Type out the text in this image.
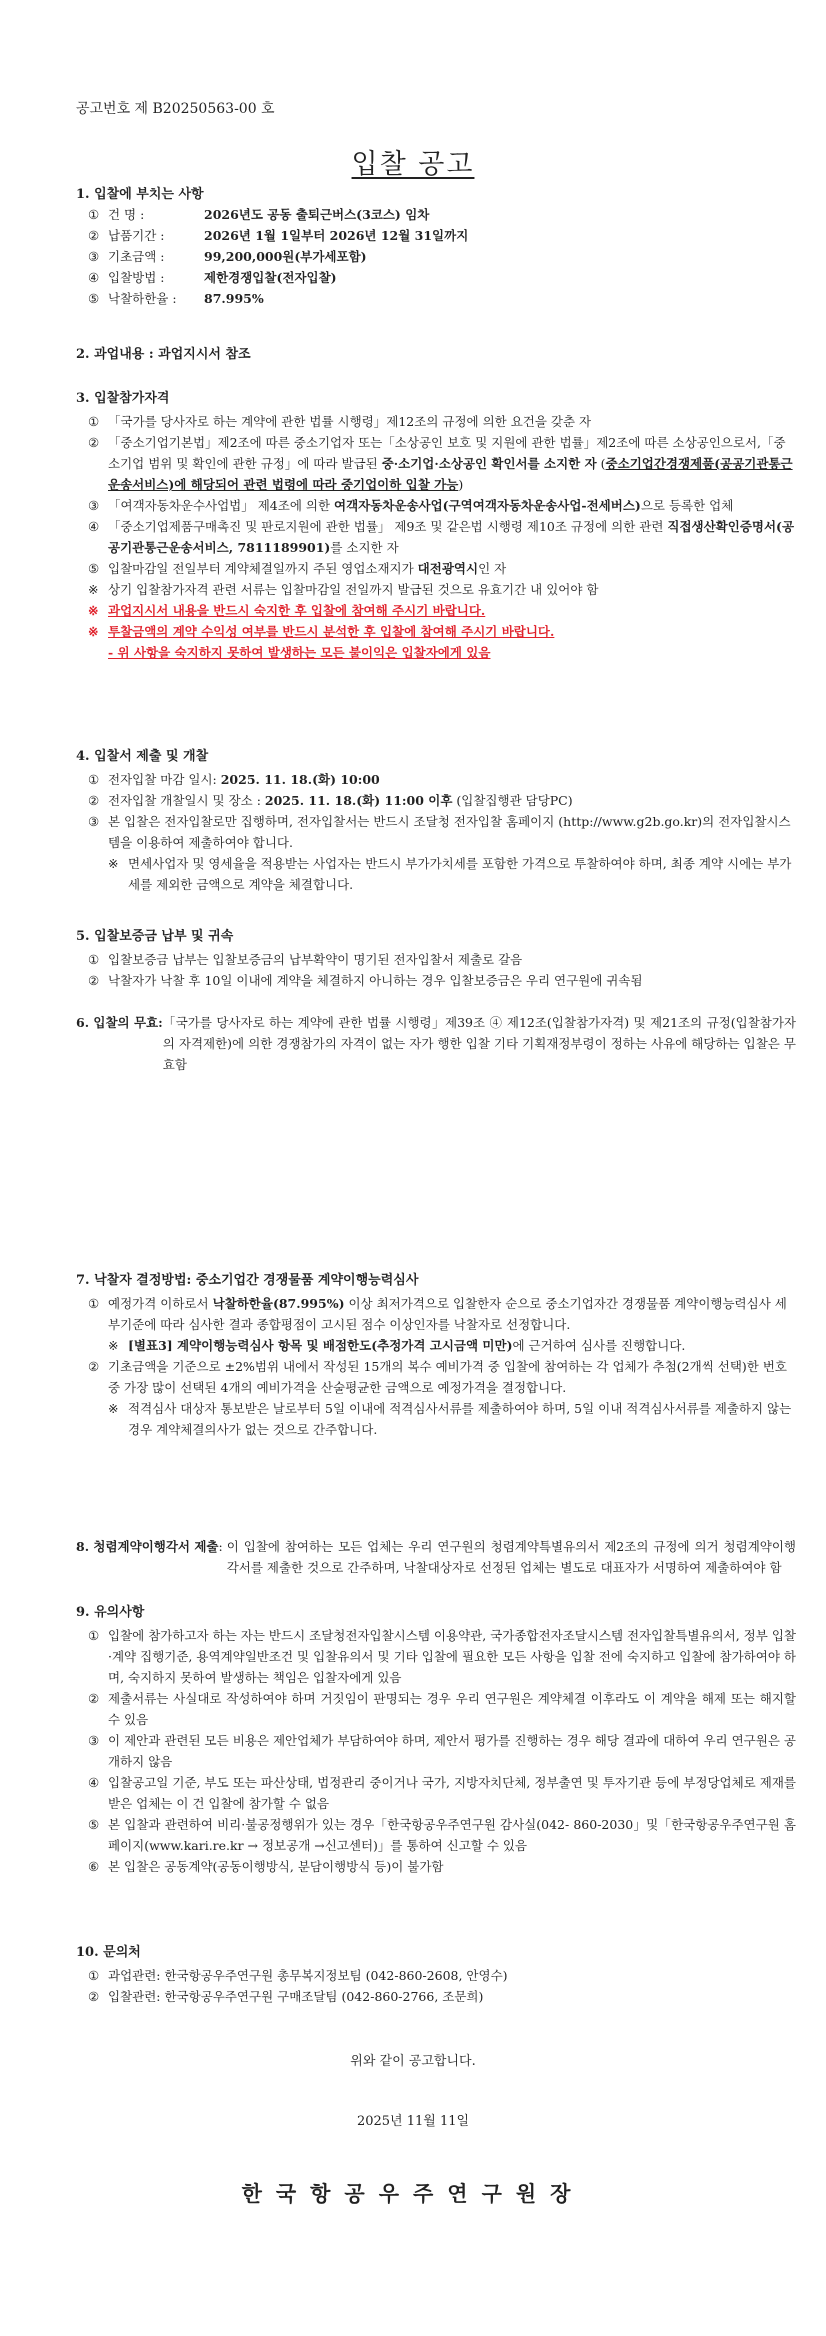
공고번호 제 B20250563-00 호
입찰 공고
1. 입찰에 부치는 사항
① 건 명 :	2026년도 공동 출퇴근버스(3코스) 임차
② 납품기간 :	2026년 1월 1일부터 2026년 12월 31일까지
③ 기초금액 :	99,200,000원(부가세포함)
④ 입찰방법 :	제한경쟁입찰(전자입찰)
⑤ 낙찰하한율 :	87.995%
2. 과업내용 : 과업지시서 참조
3. 입찰참가자격
① 「국가를 당사자로 하는 계약에 관한 법률 시행령」제12조의 규정에 의한 요건을 갖춘 자
② 「중소기업기본법」제2조에 따른 중소기업자 또는「소상공인 보호 및 지원에 관한 법률」제2조에 따른 소상공인으로서,「중소기업 범위 및 확인에 관한 규정」에 따라 발급된 중·소기업·소상공인 확인서를 소지한 자 (중소기업간경쟁제품(공공기관통근운송서비스)에 해당되어 관련 법령에 따라 중기업이하 입찰 가능)
③ 「여객자동차운수사업법」 제4조에 의한 여객자동차운송사업(구역여객자동차운송사업-전세버스)으로 등록한 업체
④ 「중소기업제품구매촉진 및 판로지원에 관한 법률」 제9조 및 같은법 시행령 제10조 규정에 의한 관련 직접생산확인증명서(공공기관통근운송서비스, 7811189901)를 소지한 자
⑤ 입찰마감일 전일부터 계약체결일까지 주된 영업소재지가 대전광역시인 자
※ 상기 입찰참가자격 관련 서류는 입찰마감일 전일까지 발급된 것으로 유효기간 내 있어야 함
※ 과업지시서 내용을 반드시 숙지한 후 입찰에 참여해 주시기 바랍니다.
※ 투찰금액의 계약 수익성 여부를 반드시 분석한 후 입찰에 참여해 주시기 바랍니다.
- 위 사항을 숙지하지 못하여 발생하는 모든 불이익은 입찰자에게 있음
4. 입찰서 제출 및 개찰
① 전자입찰 마감 일시: 2025. 11. 18.(화) 10:00
② 전자입찰 개찰일시 및 장소 : 2025. 11. 18.(화) 11:00 이후 (입찰집행관 담당PC)
③ 본 입찰은 전자입찰로만 집행하며, 전자입찰서는 반드시 조달청 전자입찰 홈페이지 (http://www.g2b.go.kr)의 전자입찰시스템을 이용하여 제출하여야 합니다.
※ 면세사업자 및 영세율을 적용받는 사업자는 반드시 부가가치세를 포함한 가격으로 투찰하여야 하며, 최종 계약 시에는 부가세를 제외한 금액으로 계약을 체결합니다.
5. 입찰보증금 납부 및 귀속
① 입찰보증금 납부는 입찰보증금의 납부확약이 명기된 전자입찰서 제출로 갈음
② 낙찰자가 낙찰 후 10일 이내에 계약을 체결하지 아니하는 경우 입찰보증금은 우리 연구원에 귀속됨
6. 입찰의 무효: 「국가를 당사자로 하는 계약에 관한 법률 시행령」제39조 ④ 제12조(입찰참가자격) 및 제21조의 규정(입찰참가자의 자격제한)에 의한 경쟁참가의 자격이 없는 자가 행한 입찰 기타 기획재정부령이 정하는 사유에 해당하는 입찰은 무효함
7. 낙찰자 결정방법: 중소기업간 경쟁물품 계약이행능력심사
① 예정가격 이하로서 낙찰하한율(87.995%) 이상 최저가격으로 입찰한자 순으로 중소기업자간 경쟁물품 계약이행능력심사 세부기준에 따라 심사한 결과 종합평점이 고시된 점수 이상인자를 낙찰자로 선정합니다.
※ [별표3] 계약이행능력심사 항목 및 배점한도(추정가격 고시금액 미만)에 근거하여 심사를 진행합니다.
② 기초금액을 기준으로 ±2%범위 내에서 작성된 15개의 복수 예비가격 중 입찰에 참여하는 각 업체가 추첨(2개씩 선택)한 번호 중 가장 많이 선택된 4개의 예비가격을 산술평균한 금액으로 예정가격을 결정합니다.
※ 적격심사 대상자 통보받은 날로부터 5일 이내에 적격심사서류를 제출하여야 하며, 5일 이내 적격심사서류를 제출하지 않는 경우 계약체결의사가 없는 것으로 간주합니다.
8. 청렴계약이행각서 제출 : 이 입찰에 참여하는 모든 업체는 우리 연구원의 청렴계약특별유의서 제2조의 규정에 의거 청렴계약이행각서를 제출한 것으로 간주하며, 낙찰대상자로 선정된 업체는 별도로 대표자가 서명하여 제출하여야 함
9. 유의사항
① 입찰에 참가하고자 하는 자는 반드시 조달청전자입찰시스템 이용약관, 국가종합전자조달시스템 전자입찰특별유의서, 정부 입찰·계약 집행기준, 용역계약일반조건 및 입찰유의서 및 기타 입찰에 필요한 모든 사항을 입찰 전에 숙지하고 입찰에 참가하여야 하며, 숙지하지 못하여 발생하는 책임은 입찰자에게 있음
② 제출서류는 사실대로 작성하여야 하며 거짓임이 판명되는 경우 우리 연구원은 계약체결 이후라도 이 계약을 해제 또는 해지할 수 있음
③ 이 제안과 관련된 모든 비용은 제안업체가 부담하여야 하며, 제안서 평가를 진행하는 경우 해당 결과에 대하여 우리 연구원은 공개하지 않음
④ 입찰공고일 기준, 부도 또는 파산상태, 법정관리 중이거나 국가, 지방자치단체, 정부출연 및 투자기관 등에 부정당업체로 제재를 받은 업체는 이 건 입찰에 참가할 수 없음
⑤ 본 입찰과 관련하여 비리·불공정행위가 있는 경우「한국항공우주연구원 감사실(042- 860-2030」및「한국항공우주연구원 홈페이지(www.kari.re.kr → 정보공개 →신고센터)」를 통하여 신고할 수 있음
⑥ 본 입찰은 공동계약(공동이행방식, 분담이행방식 등)이 불가함
10. 문의처
① 과업관련: 한국항공우주연구원 총무복지정보팀 (042-860-2608, 안영수)
② 입찰관련: 한국항공우주연구원 구매조달팀 (042-860-2766, 조문희)
위와 같이 공고합니다.
2025년 11월 11일
한국항공우주연구원장
